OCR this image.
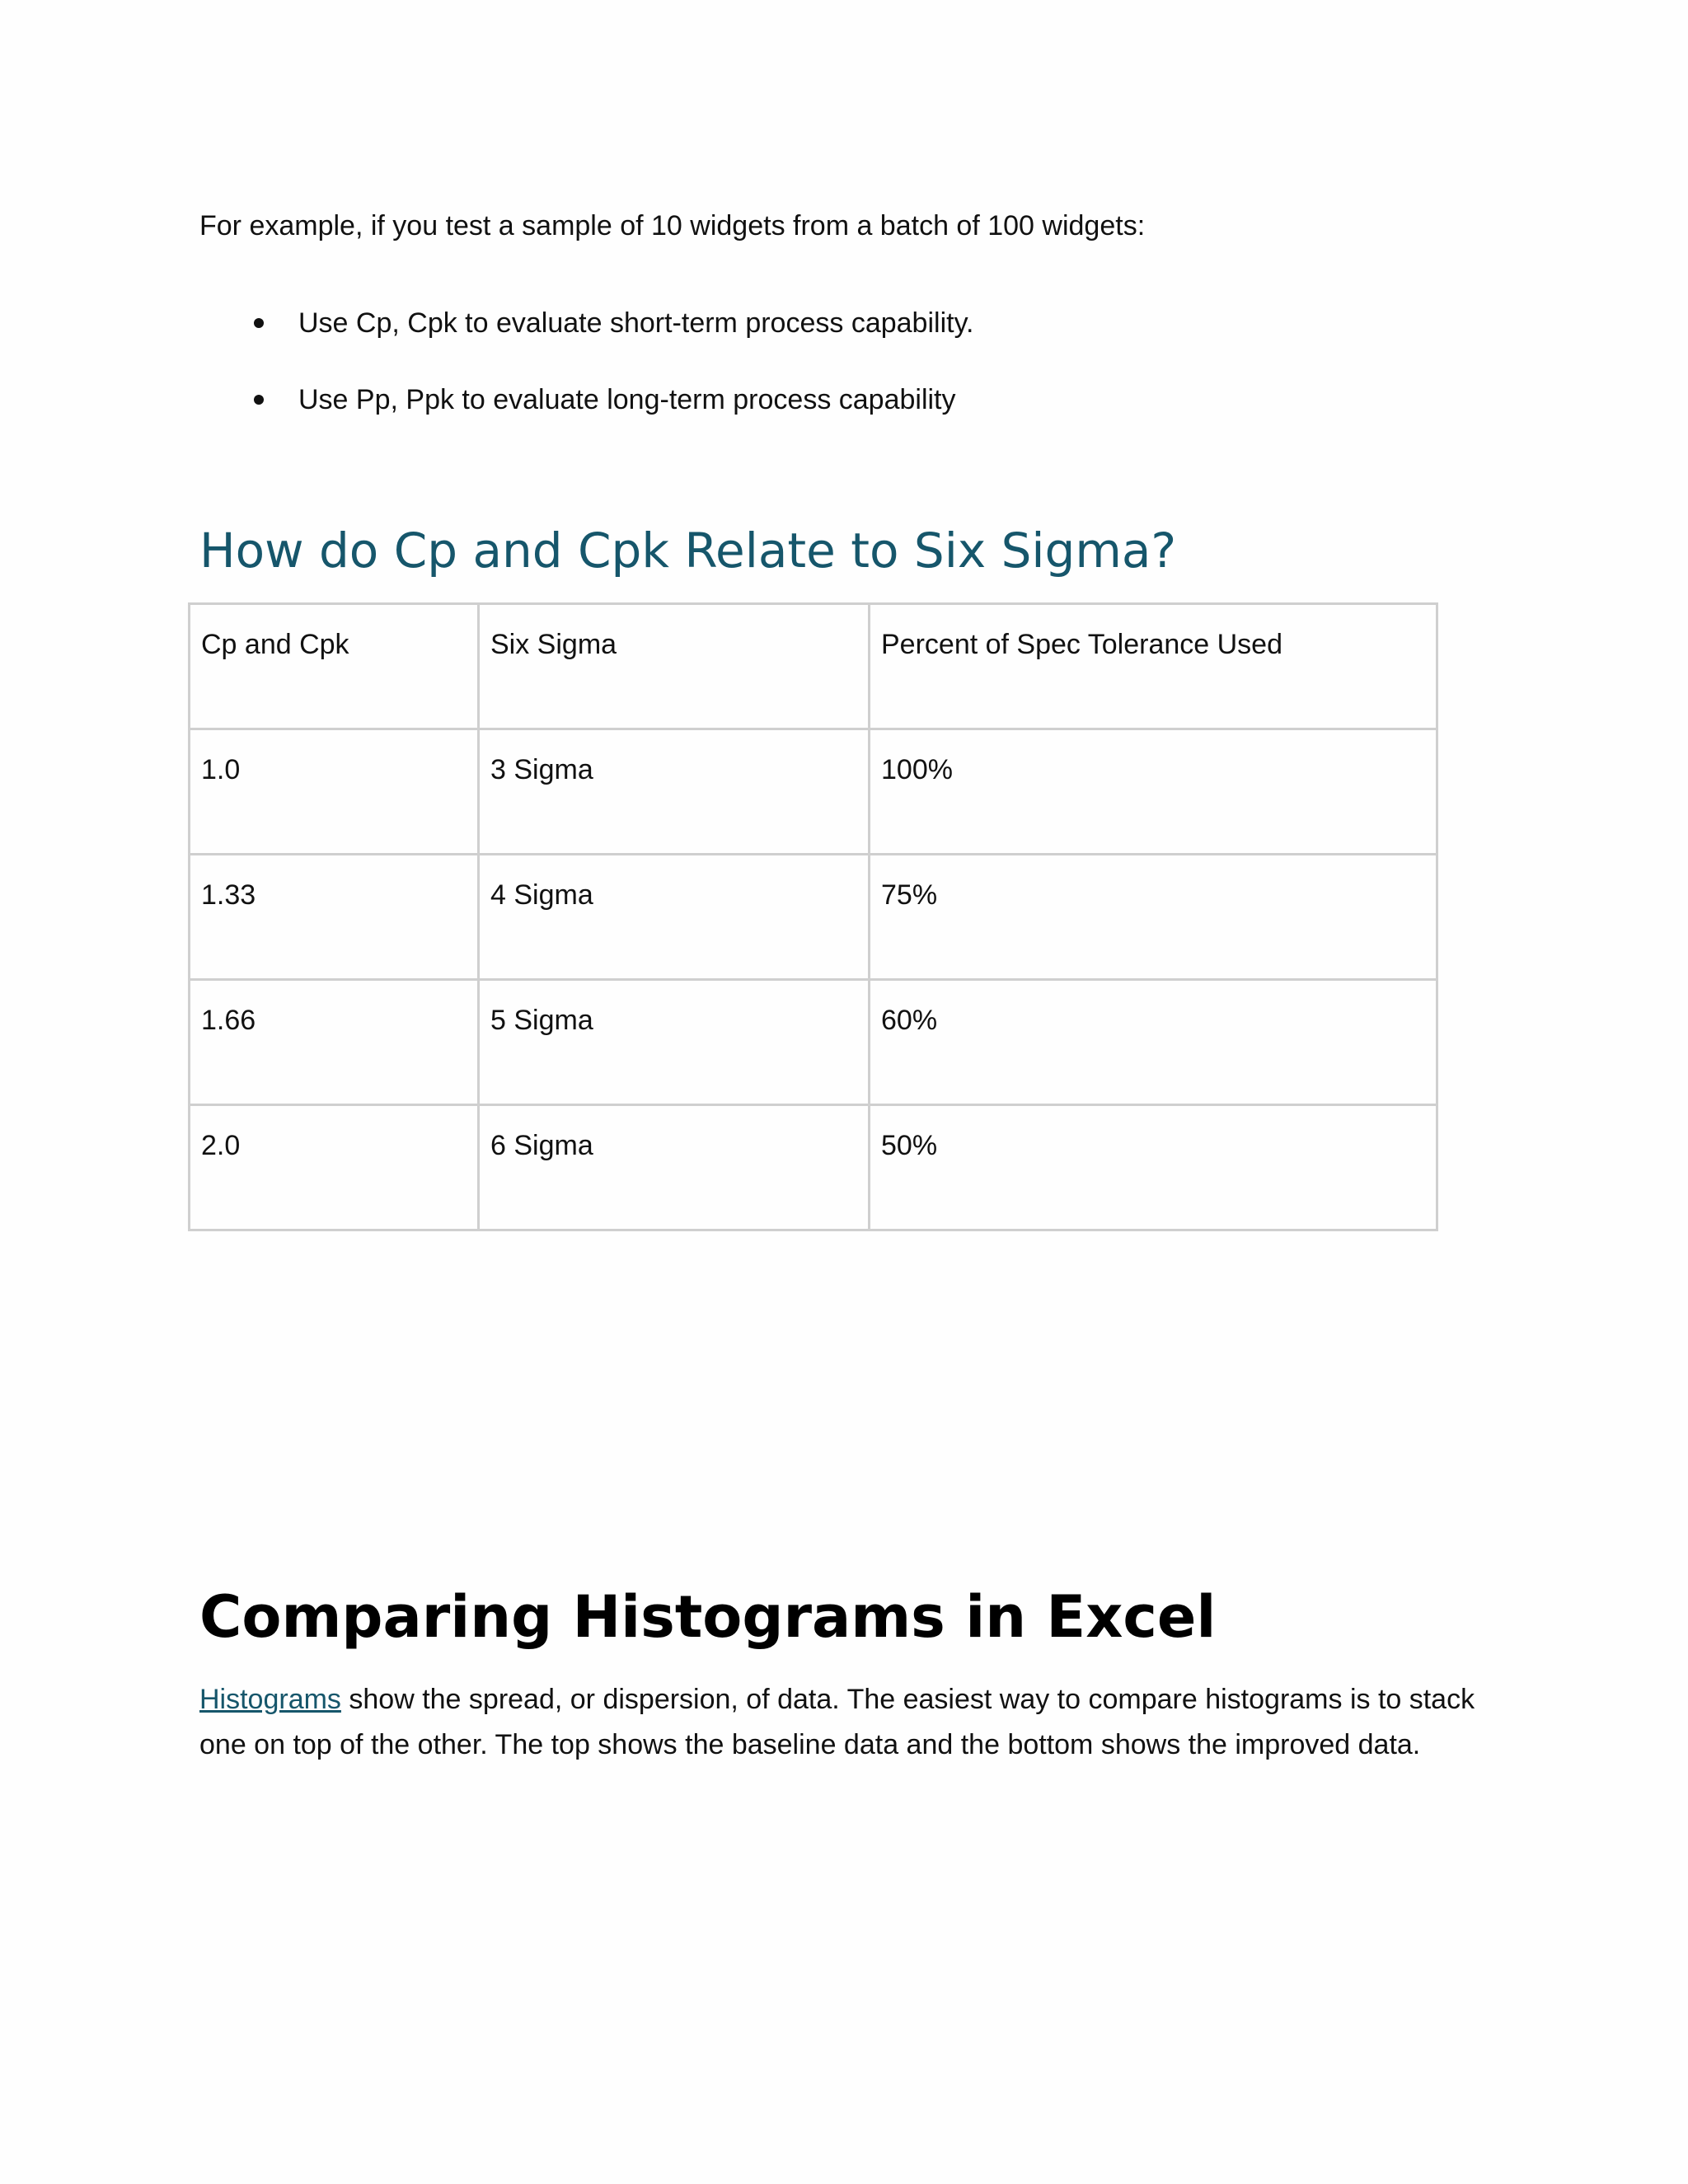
For example, if you test a sample of 10 widgets from a batch of 100 widgets:

Use Cp, Cpk to evaluate short-term process capability.
Use Pp, Ppk to evaluate long-term process capability
How do Cp and Cpk Relate to Six Sigma?
Cp and Cpk	Six Sigma	Percent of Spec Tolerance Used
1.0	3 Sigma	100%
1.33	4 Sigma	75%
1.66	5 Sigma	60%
2.0	6 Sigma	50%
Comparing Histograms in Excel

Histograms show the spread, or dispersion, of data. The easiest way to compare histograms is to stack one on top of the other. The top shows the baseline data and the bottom shows the improved data.
